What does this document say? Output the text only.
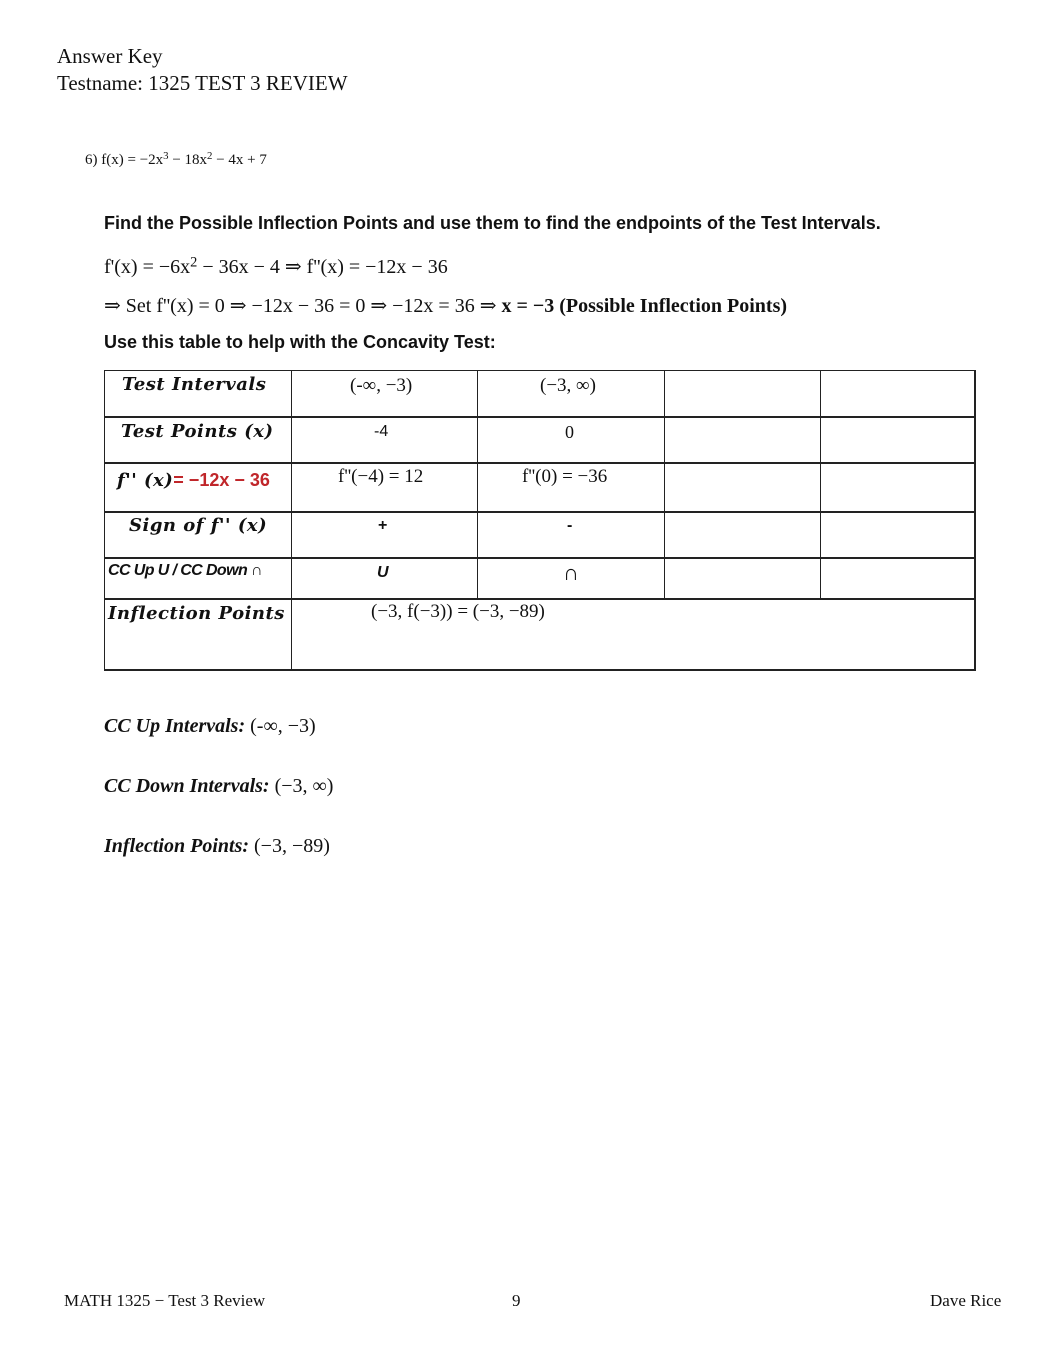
Answer Key
Testname: 1325 TEST 3 REVIEW
6) $f(x) = -2x^3 - 18x^2 - 4x + 7$
Find the Possible Inflection Points and use them to find the endpoints of the Test Intervals.
$f'(x) = -6x^2 - 36x - 4$ ⇒ f''(x) = −12x − 36
⇒ Set f''(x) = 0 ⇒ −12x − 36 = 0 ⇒ −12x = 36 ⇒ x = −3 (Possible Inflection Points)
Use this table to help with the Concavity Test:
Test Intervals
Test Points (x)
f'' (x)= −12x − 36
Sign of f'' (x)
CC Up U / CC Down ∩
Inflection Points
(-∞, −3)
-4
f''(−4) = 12
+
U
(−3, ∞)
0
f''(0) = −36
-
∩
(−3, f(−3)) = (−3, −89)
CC Up Intervals: (-∞, −3)
CC Down Intervals: (−3, ∞)
Inflection Points: (−3, −89)
MATH 1325 − Test 3 Review	9	Dave Rice
